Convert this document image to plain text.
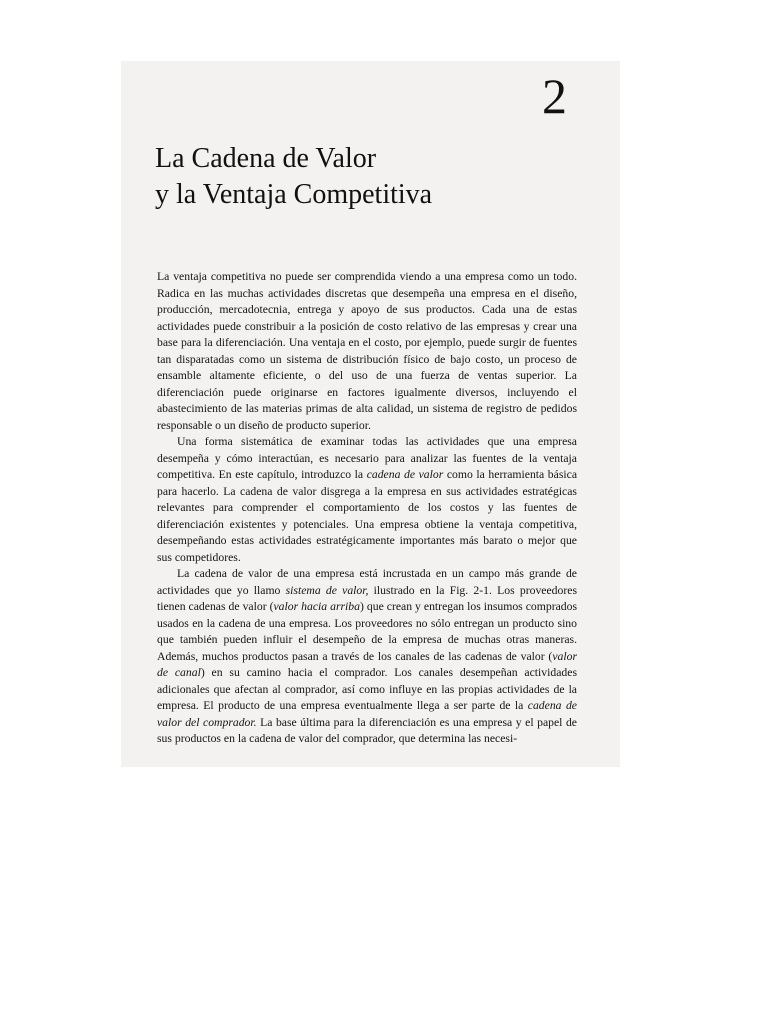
2
La Cadena de Valor
y la Ventaja Competitiva

La ventaja competitiva no puede ser comprendida viendo a una empresa como un todo. Radica en las muchas actividades discretas que desempeña una empresa en el diseño, producción, mercadotecnia, entrega y apoyo de sus productos. Cada una de estas actividades puede constribuir a la posición de costo relativo de las empresas y crear una base para la diferenciación. Una ventaja en el costo, por ejemplo, puede surgir de fuentes tan disparatadas como un sistema de distribución físico de bajo costo, un proceso de ensamble altamente eficiente, o del uso de una fuerza de ventas superior. La diferenciación puede originarse en factores igualmente diversos, incluyendo el abastecimiento de las materias primas de alta calidad, un sistema de registro de pedidos responsable o un diseño de producto superior.

Una forma sistemática de examinar todas las actividades que una empresa desempeña y cómo interactúan, es necesario para analizar las fuentes de la ventaja competitiva. En este capítulo, introduzco la cadena de valor como la herramienta básica para hacerlo. La cadena de valor disgrega a la empresa en sus actividades estratégicas relevantes para comprender el comportamiento de los costos y las fuentes de diferenciación existentes y potenciales. Una empresa obtiene la ventaja competitiva, desempeñando estas actividades estratégicamente importantes más barato o mejor que sus competidores.

La cadena de valor de una empresa está incrustada en un campo más grande de actividades que yo llamo sistema de valor, ilustrado en la Fig. 2-1. Los proveedores tienen cadenas de valor (valor hacia arriba) que crean y entregan los insumos comprados usados en la cadena de una empresa. Los proveedores no sólo entregan un producto sino que también pueden influir el desempeño de la empresa de muchas otras maneras. Además, muchos productos pasan a través de los canales de las cadenas de valor (valor de canal) en su camino hacia el comprador. Los canales desempeñan actividades adicionales que afectan al comprador, así como influye en las propias actividades de la empresa. El producto de una empresa eventualmente llega a ser parte de la cadena de valor del comprador. La base última para la diferenciación es una empresa y el papel de sus productos en la cadena de valor del comprador, que determina las necesi-
